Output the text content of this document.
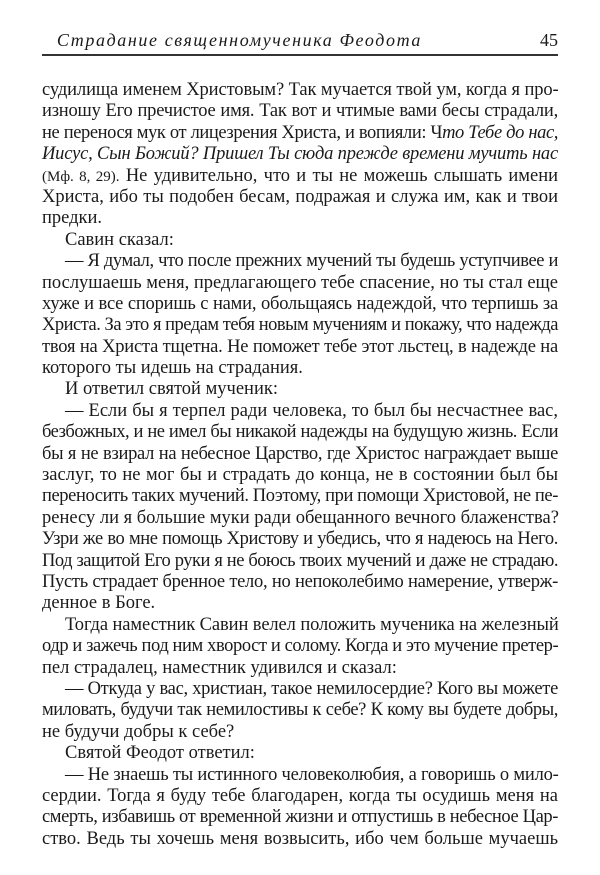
Страдание священномученика Феодота	45
судилища именем Христовым? Так мучается твой ум, когда я про-
изношу Его пречистое имя. Так вот и чтимые вами бесы страдали,
не перенося мук от лицезрения Христа, и вопияли: Что Тебе до нас,
Иисус, Сын Божий? Пришел Ты сюда прежде времени мучить нас
(Мф. 8, 29). Не удивительно, что и ты не можешь слышать имени
Христа, ибо ты подобен бесам, подражая и служа им, как и твои
предки.
Савин сказал:
— Я думал, что после прежних мучений ты будешь уступчивее и
послушаешь меня, предлагающего тебе спасение, но ты стал еще
хуже и все споришь с нами, обольщаясь надеждой, что терпишь за
Христа. За это я предам тебя новым мучениям и покажу, что надежда
твоя на Христа тщетна. Не поможет тебе этот льстец, в надежде на
которого ты идешь на страдания.
И ответил святой мученик:
— Если бы я терпел ради человека, то был бы несчастнее вас,
безбожных, и не имел бы никакой надежды на будущую жизнь. Если
бы я не взирал на небесное Царство, где Христос награждает выше
заслуг, то не мог бы и страдать до конца, не в состоянии был бы
переносить таких мучений. Поэтому, при помощи Христовой, не пе-
ренесу ли я большие муки ради обещанного вечного блаженства?
Узри же во мне помощь Христову и убедись, что я надеюсь на Него.
Под защитой Его руки я не боюсь твоих мучений и даже не страдаю.
Пусть страдает бренное тело, но непоколебимо намерение, утверж-
денное в Боге.
Тогда наместник Савин велел положить мученика на железный
одр и зажечь под ним хворост и солому. Когда и это мучение претер-
пел страдалец, наместник удивился и сказал:
— Откуда у вас, христиан, такое немилосердие? Кого вы можете
миловать, будучи так немилостивы к себе? К кому вы будете добры,
не будучи добры к себе?
Святой Феодот ответил:
— Не знаешь ты истинного человеколюбия, а говоришь о мило-
сердии. Тогда я буду тебе благодарен, когда ты осудишь меня на
смерть, избавишь от временной жизни и отпустишь в небесное Цар-
ство. Ведь ты хочешь меня возвысить, ибо чем больше мучаешь
